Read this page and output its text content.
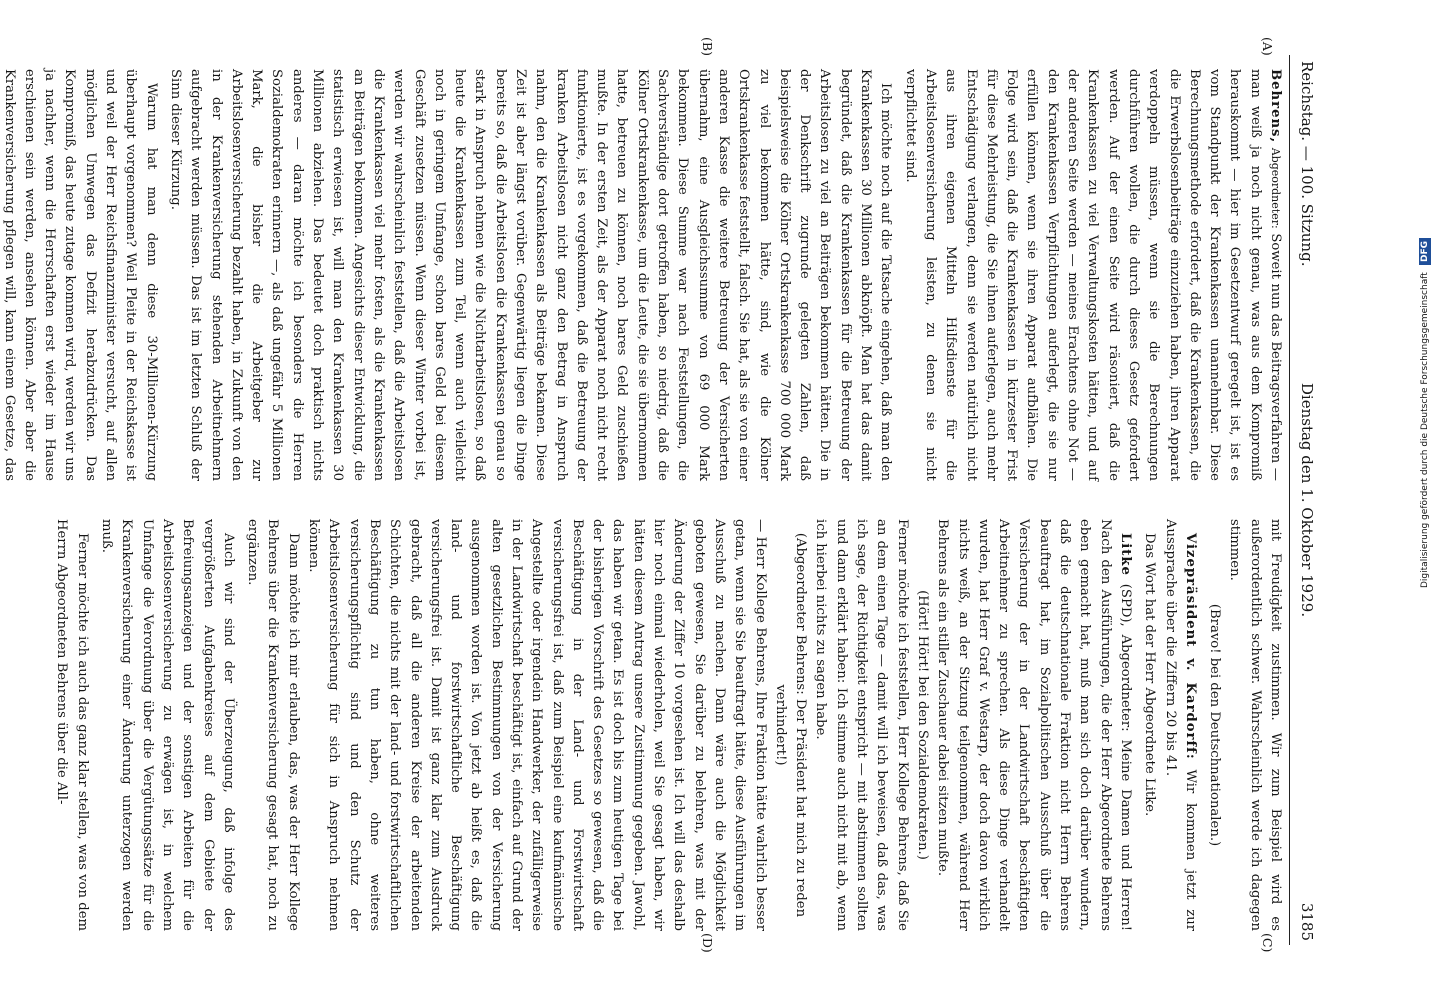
Reichstag. — 100. Sitzung.
Dienstag den 1. Oktober 1929.
3185
(A)
(B)
(C)
(D)

Behrens, Abgeordneter: Soweit nun das Beitragsverfahren — man weiß ja noch nicht genau, was aus dem Kompromiß herauskommt — hier im Gesetzentwurf geregelt ist, ist es vom Standpunkt der Krankenkassen unannehmbar. Diese Berechnungsmethode erfordert, daß die Krankenkassen, die die Erwerbslosenbeiträge einzuziehen haben, ihren Apparat verdoppeln müssen, wenn sie die Berechnungen durchführen wollen, die durch dieses Gesetz gefordert werden. Auf der einen Seite wird räsoniert, daß die Krankenkassen zu viel Verwaltungskosten hätten, und auf der anderen Seite werden — meines Erachtens ohne Not — den Krankenkassen Verpflichtungen auferlegt, die sie nur erfüllen können, wenn sie ihren Apparat aufblähen. Die Folge wird sein, daß die Krankenkassen in kürzester Frist für diese Mehrleistung, die Sie ihnen auferlegen, auch mehr Entschädigung verlangen, denn sie werden natürlich nicht aus ihren eigenen Mitteln Hilfsdienste für die Arbeitslosenversicherung leisten, zu denen sie nicht verpflichtet sind.

Ich möchte noch auf die Tatsache eingehen, daß man den Krankenkassen 30 Millionen abknöpft. Man hat das damit begründet, daß die Krankenkassen für die Betreuung der Arbeitslosen zu viel an Beiträgen bekommen hätten. Die in der Denkschrift zugrunde gelegten Zahlen, daß beispielsweise die Kölner Ortskrankenkasse 700 000 Mark zu viel bekommen hätte, sind, wie die Kölner Ortskrankenkasse feststellt, falsch. Sie hat, als sie von einer anderen Kasse die weitere Betreuung der Versicherten übernahm, eine Ausgleichssumme von 69 000 Mark bekommen. Diese Summe war nach Feststellungen, die Sachverständige dort getroffen haben, so niedrig, daß die Kölner Ortskrankenkasse, um die Leute, die sie übernommen hatte, betreuen zu können, noch bares Geld zuschießen mußte. In der ersten Zeit, als der Apparat noch nicht recht funktionierte, ist es vorgekommen, daß die Betreuung der kranken Arbeitslosen nicht ganz den Betrag in Anspruch nahm, den die Krankenkassen als Beiträge bekamen. Diese Zeit ist aber längst vorüber. Gegenwärtig liegen die Dinge bereits so, daß die Arbeitslosen die Krankenkassen genau so stark in Anspruch nehmen wie die Nichtarbeitslosen, so daß heute die Krankenkassen zum Teil, wenn auch vielleicht noch in geringem Umfange, schon bares Geld bei diesem Geschäft zusetzen müssen. Wenn dieser Winter vorbei ist, werden wir wahrscheinlich feststellen, daß die Arbeitslosen die Krankenkassen viel mehr fosten, als die Krankenkassen an Beiträgen bekommen. Angesichts dieser Entwicklung, die statistisch erwiesen ist, will man den Krankenkassen 30 Millionen abziehen. Das bedeutet doch praktisch nichts anderes — daran möchte ich besonders die Herren Sozialdemokraten erinnern —, als daß ungefähr 5 Millionen Mark, die bisher die Arbeitgeber zur Arbeitslosenversicherung bezahlt haben, in Zukunft von den in der Krankenversicherung stehenden Arbeitnehmern aufgebracht werden müssen. Das ist im letzten Schluß der Sinn dieser Kürzung.

Warum hat man denn diese 30-Millionen-Kürzung überhaupt vorgenommen? Weil Pleite in der Reichskasse ist und weil der Herr Reichsfinanzminister versucht, auf allen möglichen Umwegen das Defizit herabzudrücken. Das Kompromiß, das heute zutage kommen wird, werden wir uns ja nachher, wenn die Herrschaften erst wieder im Hause erschienen sein werden, ansehen können. Aber aber die Krankenversicherung pflegen will, kann einem Gesetze, das

mit Freudigkeit zustimmen. Wir zum Beispiel wird es außerordentlich schwer. Wahrscheinlich werde ich dagegen stimmen.

(Bravo! bei den Deutschnationalen.)

Vizepräsident v. Kardorff: Wir kommen jetzt zur Aussprache über die Ziffern 20 bis 41.

Das Wort hat der Herr Abgeordnete Litke.

Litke (SPD), Abgeordneter: Meine Damen und Herren! Nach den Ausführungen, die der Herr Abgeordnete Behrens eben gemacht hat, muß man sich doch darüber wundern, daß die deutschnationale Fraktion nicht Herrn Behrens beauftragt hat, im Sozialpolitischen Ausschuß über die Versicherung der in der Landwirtschaft beschäftigten Arbeitnehmer zu sprechen. Als diese Dinge verhandelt wurden, hat Herr Graf v. Westarp, der doch davon wirklich nichts weiß, an der Sitzung teilgenommen, während Herr Behrens als ein stiller Zuschauer dabei sitzen mußte.

(Hört! Hört! bei den Sozialdemokraten.)

Ferner möchte ich feststellen, Herr Kollege Behrens, daß Sie an dem einen Tage — damit will ich beweisen, daß das, was ich sage, der Richtigkeit entspricht — mit abstimmen sollten und dann erklärt haben: Ich stimme auch nicht mit ab, wenn ich hierbei nichts zu sagen habe.

(Abgeordneter Behrens: Der Präsident hat mich zu reden verhindert!)

— Herr Kollege Behrens, Ihre Fraktion hätte wahrlich besser getan, wenn sie Sie beauftragt hätte, diese Ausführungen im Ausschuß zu machen. Dann wäre auch die Möglichkeit geboten gewesen, Sie darüber zu belehren, was mit der Änderung der Ziffer 10 vorgesehen ist. Ich will das deshalb hier noch einmal wiederholen, weil Sie gesagt haben, wir hätten diesem Antrag unsere Zustimmung gegeben. Jawohl, das haben wir getan. Es ist doch bis zum heutigen Tage bei der bisherigen Vorschrift des Gesetzes so gewesen, daß die Beschäftigung in der Land- und Forstwirtschaft versicherungsfrei ist, daß zum Beispiel eine kaufmännische Angestellte oder irgendein Handwerker, der zufälligerweise in der Landwirtschaft beschäftigt ist, einfach auf Grund der alten gesetzlichen Bestimmungen von der Versicherung ausgenommen worden ist. Von jetzt ab heißt es, daß die land- und forstwirtschaftliche Beschäftigung versicherungsfrei ist. Damit ist ganz klar zum Ausdruck gebracht, daß all die anderen Kreise der arbeitenden Schichten, die nichts mit der land- und forstwirtschaftlichen Beschäftigung zu tun haben, ohne weiteres versicherungspflichtig sind und den Schutz der Arbeitslosenversicherung für sich in Anspruch nehmen können.

Dann möchte ich mir erlauben, das, was der Herr Kollege Behrens über die Krankenversicherung gesagt hat, noch zu ergänzen.

Auch wir sind der Überzeugung, daß infolge des vergrößerten Aufgabenkreises auf dem Gebiete der Befreiungsanzeigen und der sonstigen Arbeiten für die Arbeitslosenversicherung zu erwägen ist, in welchem Umfange die Verordnung über die Vergütungssätze für die Krankenversicherung einer Änderung unterzogen werden muß.

Ferner möchte ich auch das ganz klar stellen, was von dem Herrn Abgeordneten Behrens über die All-

Digitalisierung gefördert durch die Deutsche Forschungsgemeinschaft DFG
